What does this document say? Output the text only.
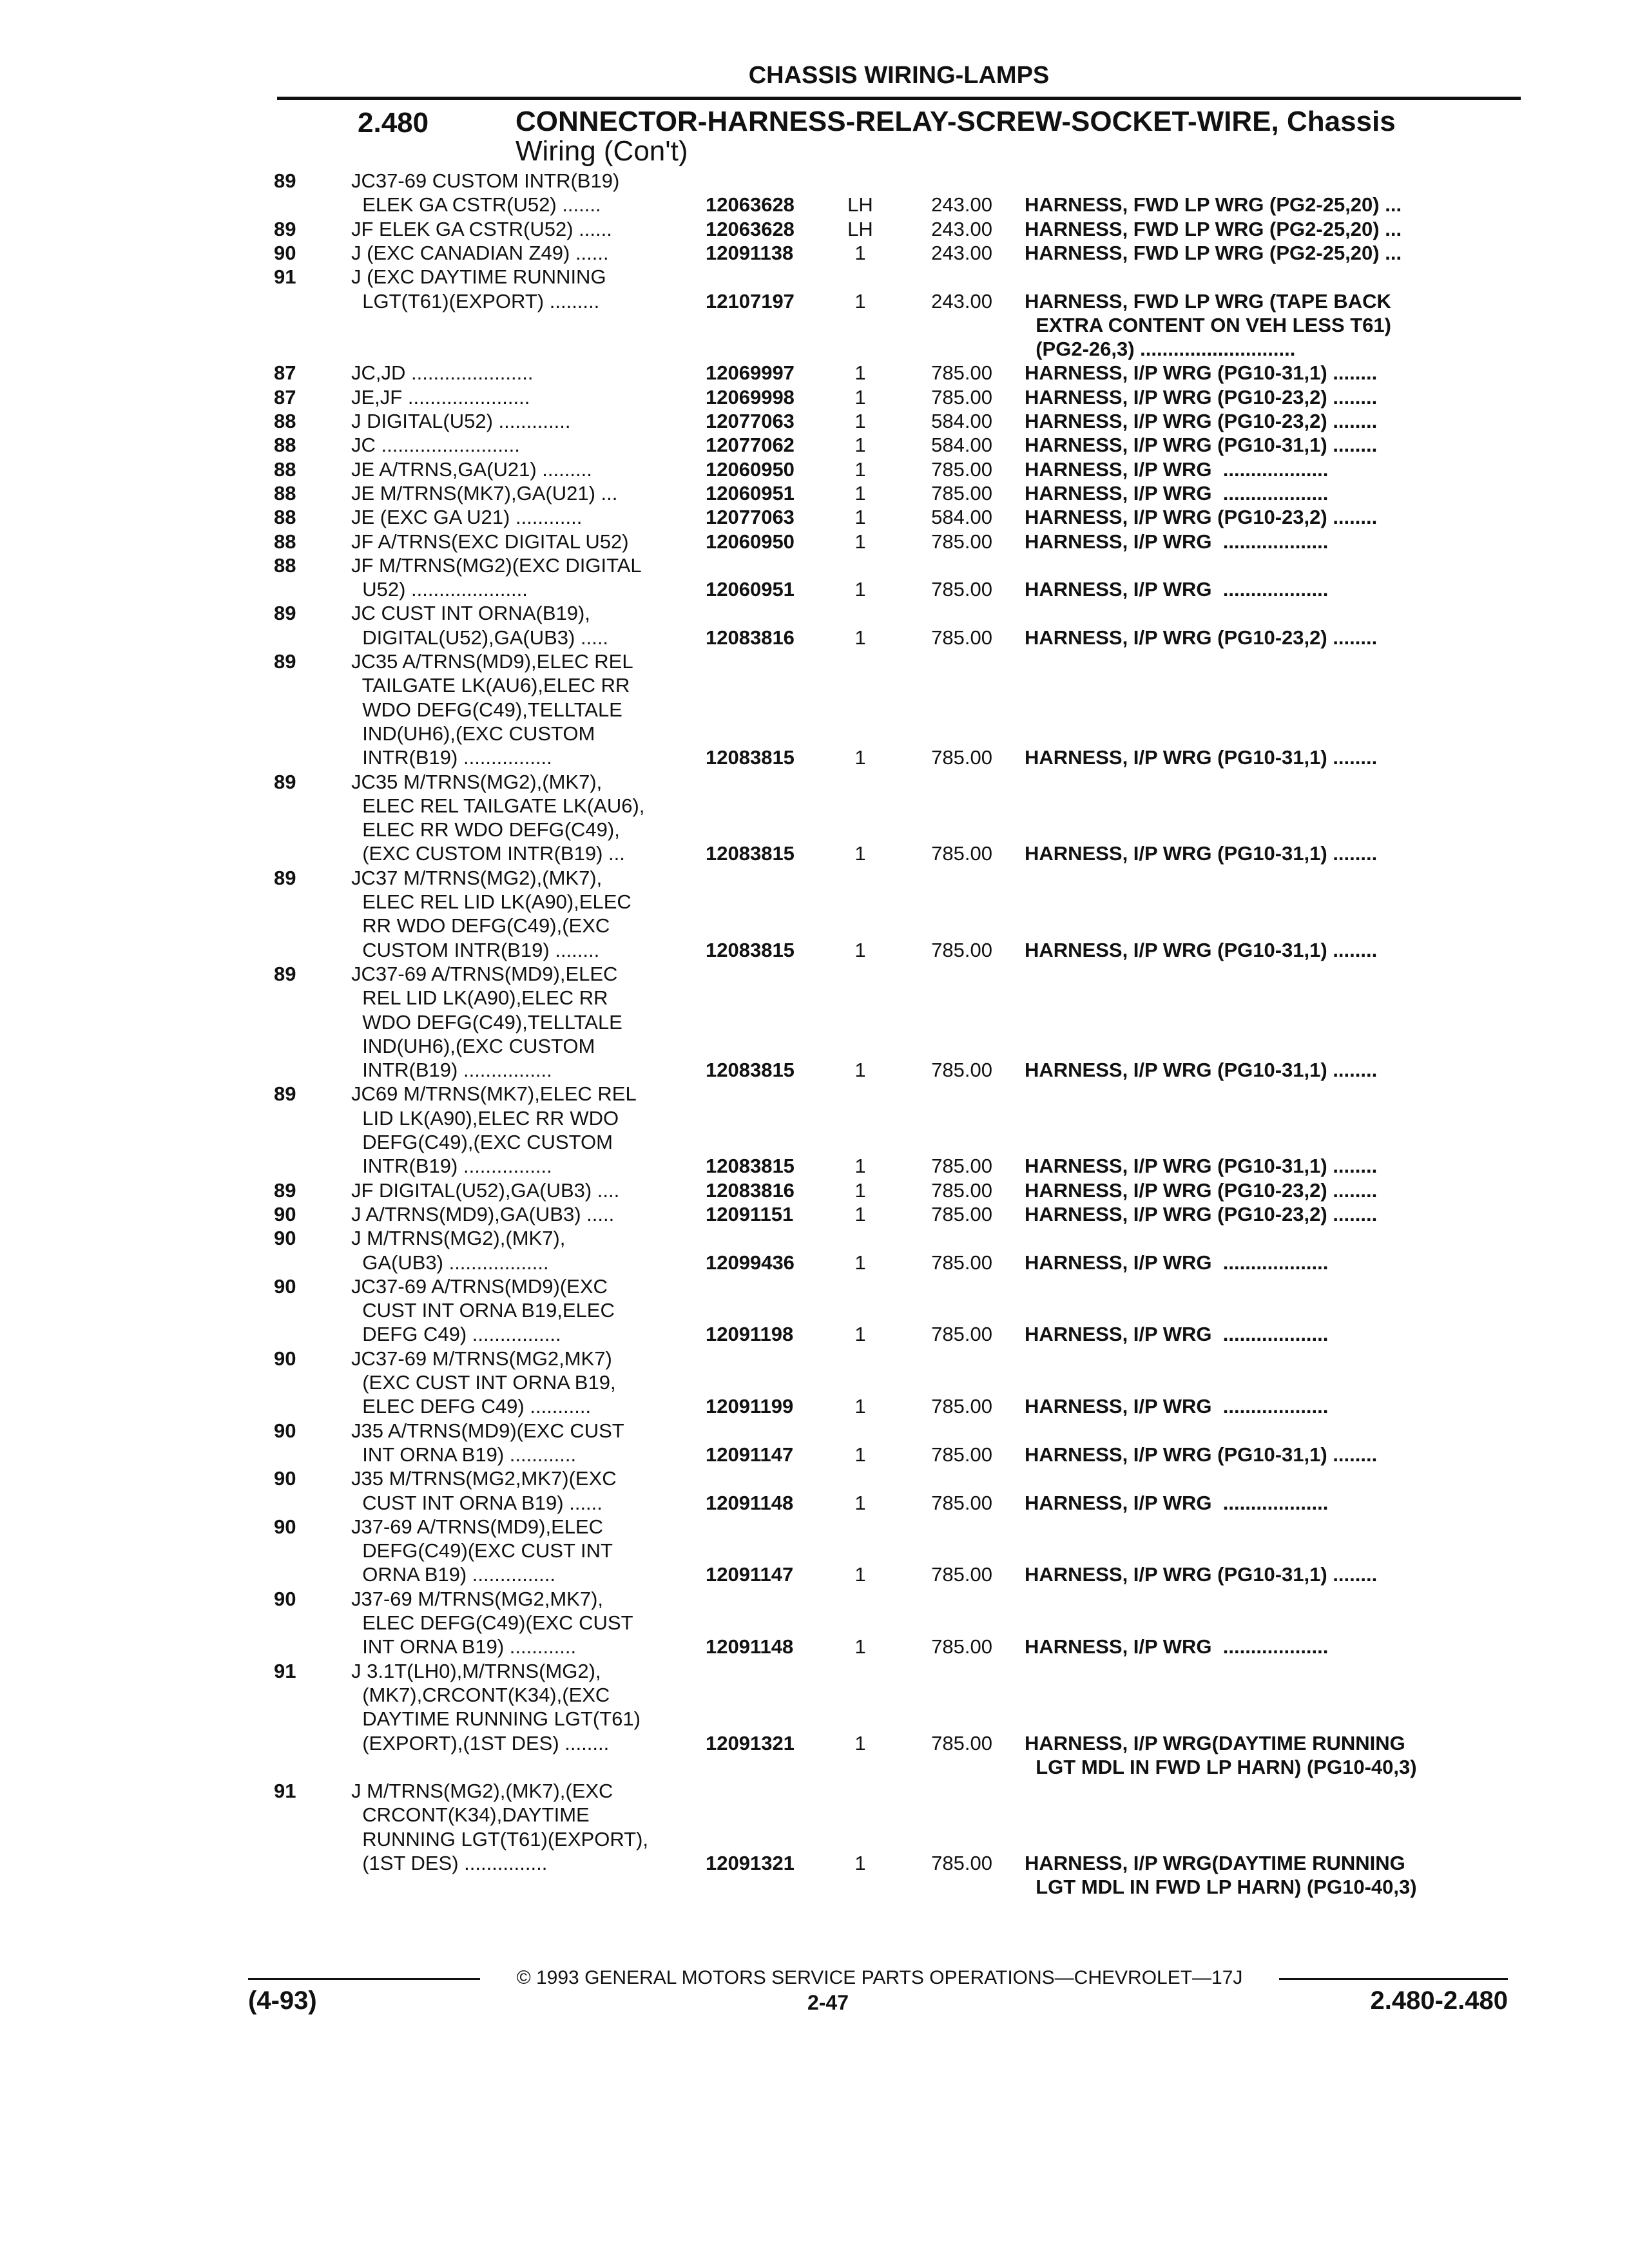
CHASSIS WIRING-LAMPS
2.480	CONNECTOR-HARNESS-RELAY-SCREW-SOCKET-WIRE, Chassis
Wiring (Con't)
89	JC37-69 CUSTOM INTR(B19)
ELEK GA CSTR(U52) .......	12063628	LH	243.00 HARNESS, FWD LP WRG (PG2-25,20) ...
89	JF ELEK GA CSTR(U52) ......	12063628	LH	243.00 HARNESS, FWD LP WRG (PG2-25,20) ...
90	J (EXC CANADIAN Z49) ......	12091138	1	243.00 HARNESS, FWD LP WRG (PG2-25,20) ...
91	J (EXC DAYTIME RUNNING
LGT(T61)(EXPORT) .........	12107197	1	243.00 HARNESS, FWD LP WRG (TAPE BACK
EXTRA CONTENT ON VEH LESS T61)
(PG2-26,3) ............................
87	JC,JD ......................	12069997	1	785.00 HARNESS, I/P WRG (PG10-31,1) ........
87	JE,JF ......................	12069998	1	785.00 HARNESS, I/P WRG (PG10-23,2) ........
88	J DIGITAL(U52) .............	12077063	1	584.00 HARNESS, I/P WRG (PG10-23,2) ........
88	JC .........................	12077062	1	584.00 HARNESS, I/P WRG (PG10-31,1) ........
88	JE A/TRNS,GA(U21) .........	12060950	1	785.00 HARNESS, I/P WRG  ...................
88	JE M/TRNS(MK7),GA(U21) ...	12060951	1	785.00 HARNESS, I/P WRG  ...................
88	JE (EXC GA U21) ............	12077063	1	584.00 HARNESS, I/P WRG (PG10-23,2) ........
88	JF A/TRNS(EXC DIGITAL U52)	12060950	1	785.00 HARNESS, I/P WRG  ...................
88	JF M/TRNS(MG2)(EXC DIGITAL
U52) .....................	12060951	1	785.00 HARNESS, I/P WRG  ...................
89	JC CUST INT ORNA(B19),
DIGITAL(U52),GA(UB3) .....	12083816	1	785.00 HARNESS, I/P WRG (PG10-23,2) ........
89	JC35 A/TRNS(MD9),ELEC REL
TAILGATE LK(AU6),ELEC RR
WDO DEFG(C49),TELLTALE
IND(UH6),(EXC CUSTOM
INTR(B19) ................	12083815	1	785.00 HARNESS, I/P WRG (PG10-31,1) ........
89	JC35 M/TRNS(MG2),(MK7),
ELEC REL TAILGATE LK(AU6),
ELEC RR WDO DEFG(C49),
(EXC CUSTOM INTR(B19) ...	12083815	1	785.00 HARNESS, I/P WRG (PG10-31,1) ........
89	JC37 M/TRNS(MG2),(MK7),
ELEC REL LID LK(A90),ELEC
RR WDO DEFG(C49),(EXC
CUSTOM INTR(B19) ........	12083815	1	785.00 HARNESS, I/P WRG (PG10-31,1) ........
89	JC37-69 A/TRNS(MD9),ELEC
REL LID LK(A90),ELEC RR
WDO DEFG(C49),TELLTALE
IND(UH6),(EXC CUSTOM
INTR(B19) ................	12083815	1	785.00 HARNESS, I/P WRG (PG10-31,1) ........
89	JC69 M/TRNS(MK7),ELEC REL
LID LK(A90),ELEC RR WDO
DEFG(C49),(EXC CUSTOM
INTR(B19) ................	12083815	1	785.00 HARNESS, I/P WRG (PG10-31,1) ........
89	JF DIGITAL(U52),GA(UB3) ....	12083816	1	785.00 HARNESS, I/P WRG (PG10-23,2) ........
90	J A/TRNS(MD9),GA(UB3) .....	12091151	1	785.00 HARNESS, I/P WRG (PG10-23,2) ........
90	J M/TRNS(MG2),(MK7),
GA(UB3) ..................	12099436	1	785.00 HARNESS, I/P WRG  ...................
90	JC37-69 A/TRNS(MD9)(EXC
CUST INT ORNA B19,ELEC
DEFG C49) ................	12091198	1	785.00 HARNESS, I/P WRG  ...................
90	JC37-69 M/TRNS(MG2,MK7)
(EXC CUST INT ORNA B19,
ELEC DEFG C49) ...........	12091199	1	785.00 HARNESS, I/P WRG  ...................
90	J35 A/TRNS(MD9)(EXC CUST
INT ORNA B19) ............	12091147	1	785.00 HARNESS, I/P WRG (PG10-31,1) ........
90	J35 M/TRNS(MG2,MK7)(EXC
CUST INT ORNA B19) ......	12091148	1	785.00 HARNESS, I/P WRG  ...................
90	J37-69 A/TRNS(MD9),ELEC
DEFG(C49)(EXC CUST INT
ORNA B19) ...............	12091147	1	785.00 HARNESS, I/P WRG (PG10-31,1) ........
90	J37-69 M/TRNS(MG2,MK7),
ELEC DEFG(C49)(EXC CUST
INT ORNA B19) ............	12091148	1	785.00 HARNESS, I/P WRG  ...................
91	J 3.1T(LH0),M/TRNS(MG2),
(MK7),CRCONT(K34),(EXC
DAYTIME RUNNING LGT(T61)
(EXPORT),(1ST DES) ........	12091321	1	785.00 HARNESS, I/P WRG(DAYTIME RUNNING
LGT MDL IN FWD LP HARN) (PG10-40,3)
91	J M/TRNS(MG2),(MK7),(EXC
CRCONT(K34),DAYTIME
RUNNING LGT(T61)(EXPORT),
(1ST DES) ...............	12091321	1	785.00 HARNESS, I/P WRG(DAYTIME RUNNING
LGT MDL IN FWD LP HARN) (PG10-40,3)
© 1993 GENERAL MOTORS SERVICE PARTS OPERATIONS—CHEVROLET—17J
(4-93)	2-47	2.480-2.480
